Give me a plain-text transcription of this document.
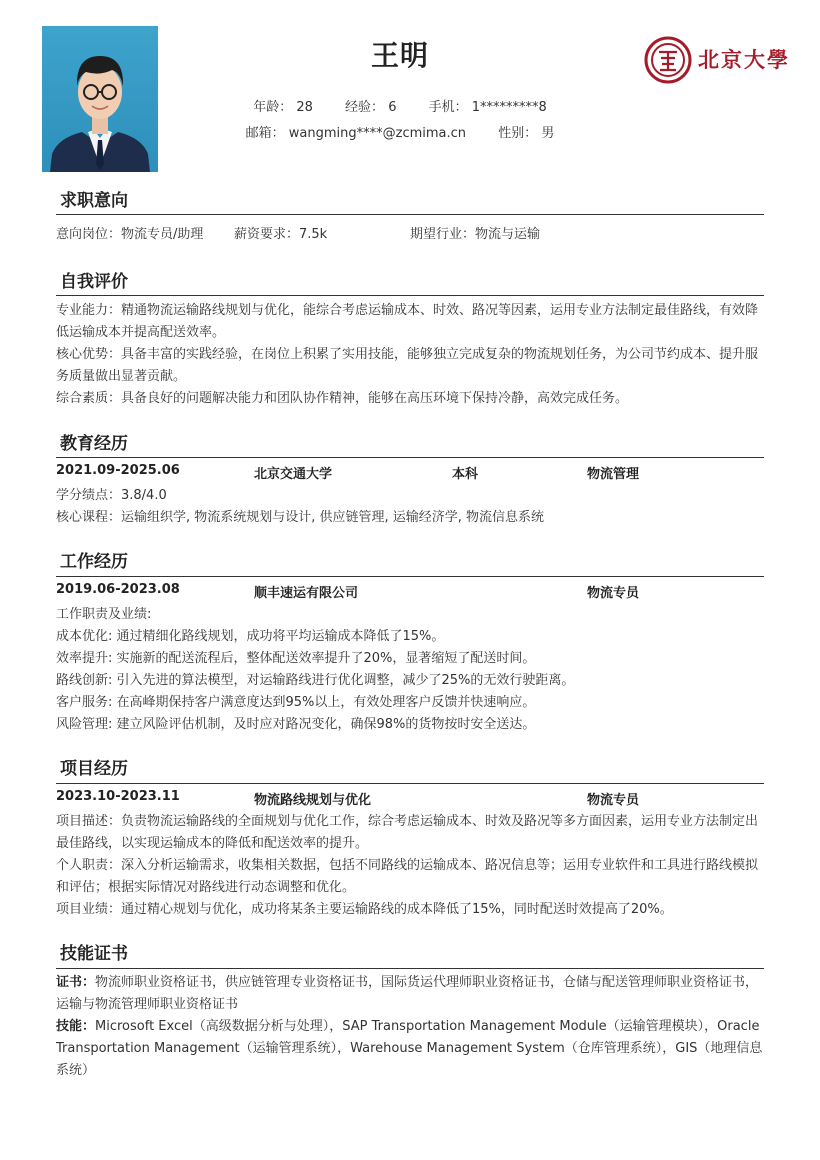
王明
年龄： 28 经验： 6 手机： 1*********8
邮箱： wangming****@zcmima.cn 性别： 男
北京大學
求职意向
意向岗位：物流专员/助理	薪资要求：7.5k	期望行业：物流与运输
自我评价
专业能力：精通物流运输路线规划与优化，能综合考虑运输成本、时效、路况等因素，运用专业方法制定最佳路线，有效降低运输成本并提高配送效率。
核心优势：具备丰富的实践经验，在岗位上积累了实用技能，能够独立完成复杂的物流规划任务，为公司节约成本、提升服务质量做出显著贡献。
综合素质：具备良好的问题解决能力和团队协作精神，能够在高压环境下保持冷静，高效完成任务。
教育经历
2021.09-2025.06	北京交通大学	本科	物流管理
学分绩点：3.8/4.0
核心课程：运输组织学, 物流系统规划与设计, 供应链管理, 运输经济学, 物流信息系统
工作经历
2019.06-2023.08	顺丰速运有限公司	物流专员
工作职责及业绩:
成本优化: 通过精细化路线规划，成功将平均运输成本降低了15%。
效率提升: 实施新的配送流程后，整体配送效率提升了20%，显著缩短了配送时间。
路线创新: 引入先进的算法模型，对运输路线进行优化调整，减少了25%的无效行驶距离。
客户服务: 在高峰期保持客户满意度达到95%以上，有效处理客户反馈并快速响应。
风险管理: 建立风险评估机制，及时应对路况变化，确保98%的货物按时安全送达。
项目经历
2023.10-2023.11	物流路线规划与优化	物流专员
项目描述：负责物流运输路线的全面规划与优化工作，综合考虑运输成本、时效及路况等多方面因素，运用专业方法制定出最佳路线，以实现运输成本的降低和配送效率的提升。
个人职责：深入分析运输需求，收集相关数据，包括不同路线的运输成本、路况信息等；运用专业软件和工具进行路线模拟和评估；根据实际情况对路线进行动态调整和优化。
项目业绩：通过精心规划与优化，成功将某条主要运输路线的成本降低了15%，同时配送时效提高了20%。
技能证书
证书：物流师职业资格证书，供应链管理专业资格证书，国际货运代理师职业资格证书，仓储与配送管理师职业资格证书，运输与物流管理师职业资格证书
技能：Microsoft Excel（高级数据分析与处理），SAP Transportation Management Module（运输管理模块），Oracle Transportation Management（运输管理系统），Warehouse Management System（仓库管理系统），GIS（地理信息系统）
